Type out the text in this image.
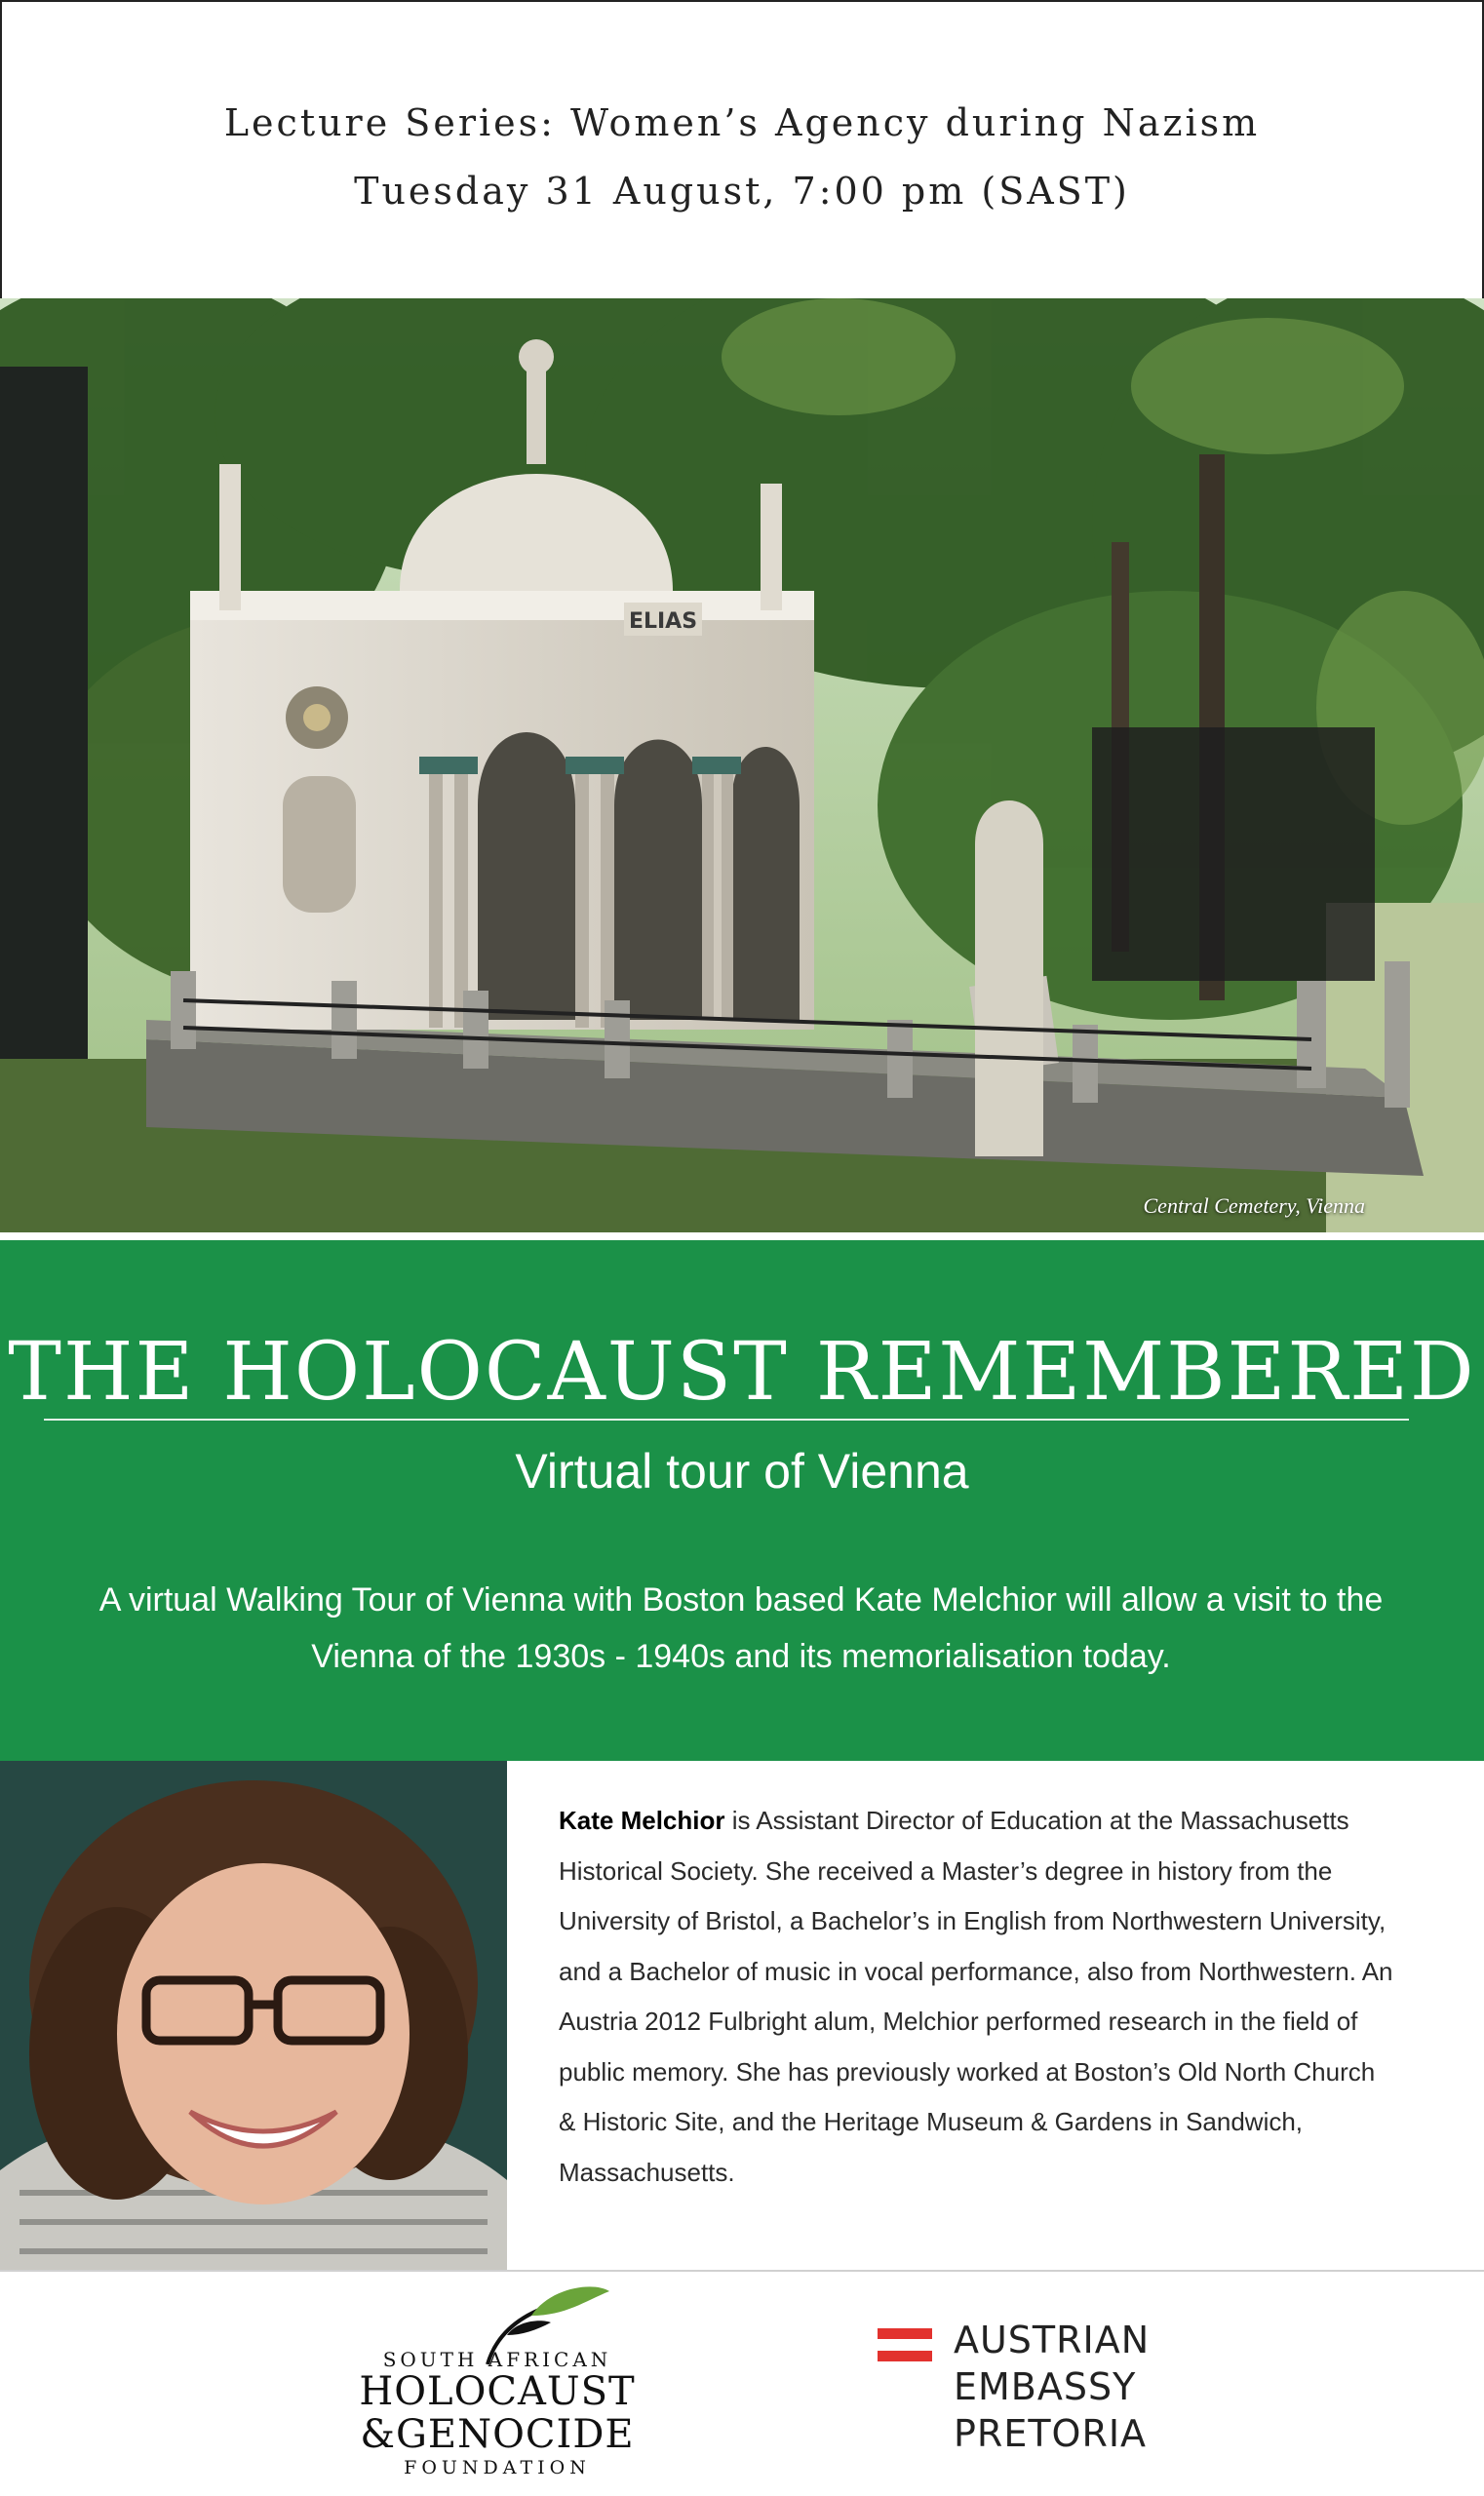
Lecture Series: Women’s Agency during Nazism
Tuesday 31 August, 7:00 pm (SAST)
ELIAS
Central Cemetery, Vienna
THE HOLOCAUST REMEMBERED
Virtual tour of Vienna
A virtual Walking Tour of Vienna with Boston based Kate Melchior will allow a visit to the Vienna of the 1930s - 1940s and its memorialisation today.
Kate Melchior is Assistant Director of Education at the Massachusetts Historical Society. She received a Master’s degree in history from the University of Bristol, a Bachelor’s in English from Northwestern University, and a Bachelor of music in vocal performance, also from Northwestern. An Austria 2012 Fulbright alum, Melchior performed research in the field of public memory. She has previously worked at Boston’s Old North Church & Historic Site, and the Heritage Museum & Gardens in Sandwich, Massachusetts.
SOUTH AFRICAN
HOLOCAUST
&GENOCIDE
FOUNDATION
AUSTRIAN
EMBASSY
PRETORIA
